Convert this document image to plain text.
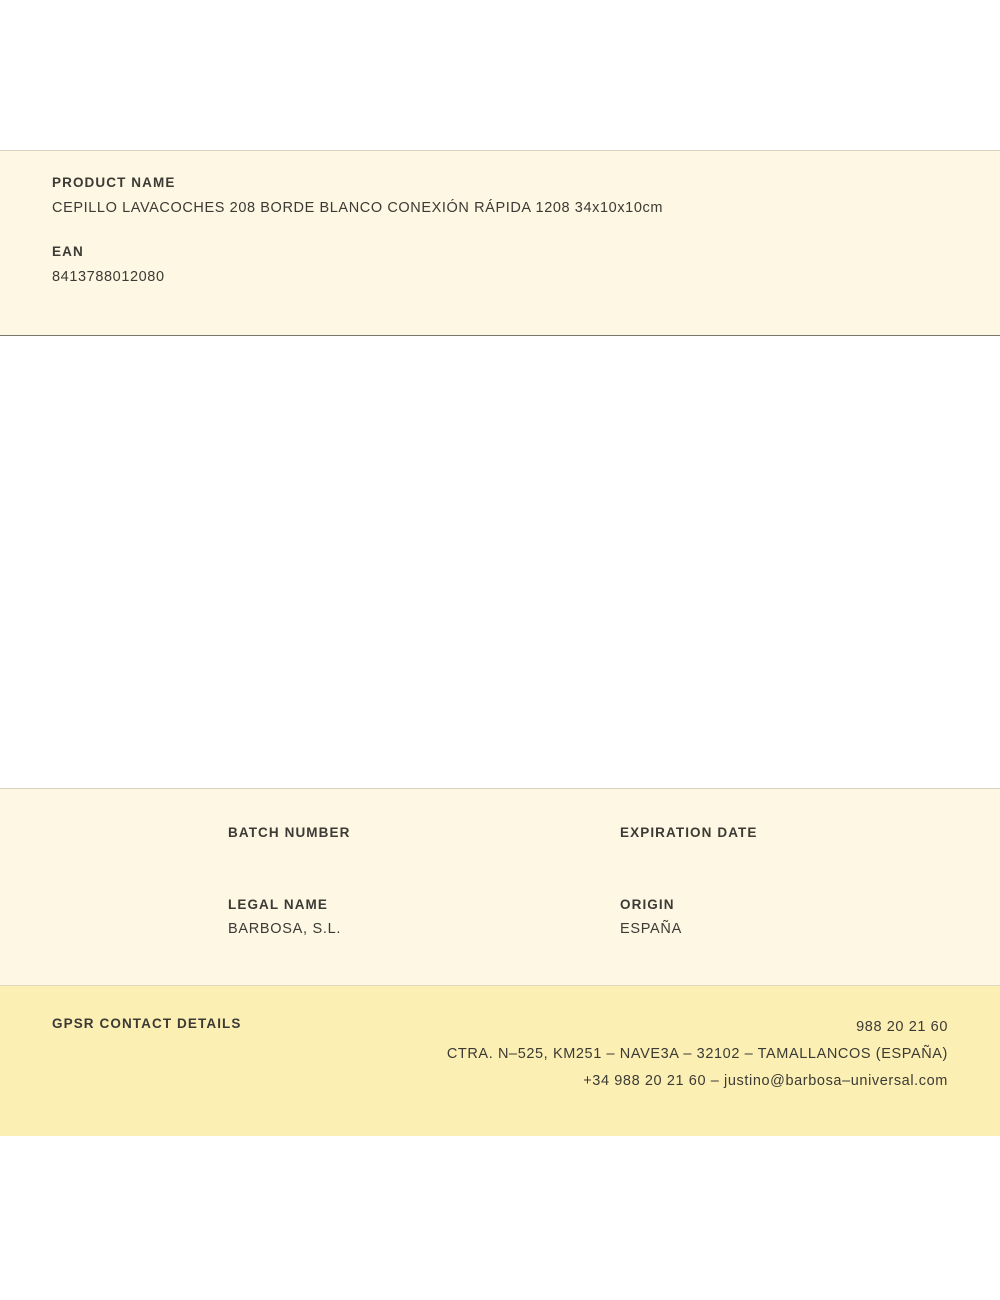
PRODUCT NAME

CEPILLO LAVACOCHES 208 BORDE BLANCO CONEXIÓN RÁPIDA 1208 34x10x10cm

EAN

8413788012080

BATCH NUMBER	EXPIRATION DATE

LEGAL NAME

BARBOSA, S.L.

ORIGIN

ESPAÑA

GPSR CONTACT DETAILS	988 20 21 60
CTRA. N–525, KM251 – NAVE3A – 32102 – TAMALLANCOS (ESPAÑA)
+34 988 20 21 60 – justino@barbosa–universal.com
